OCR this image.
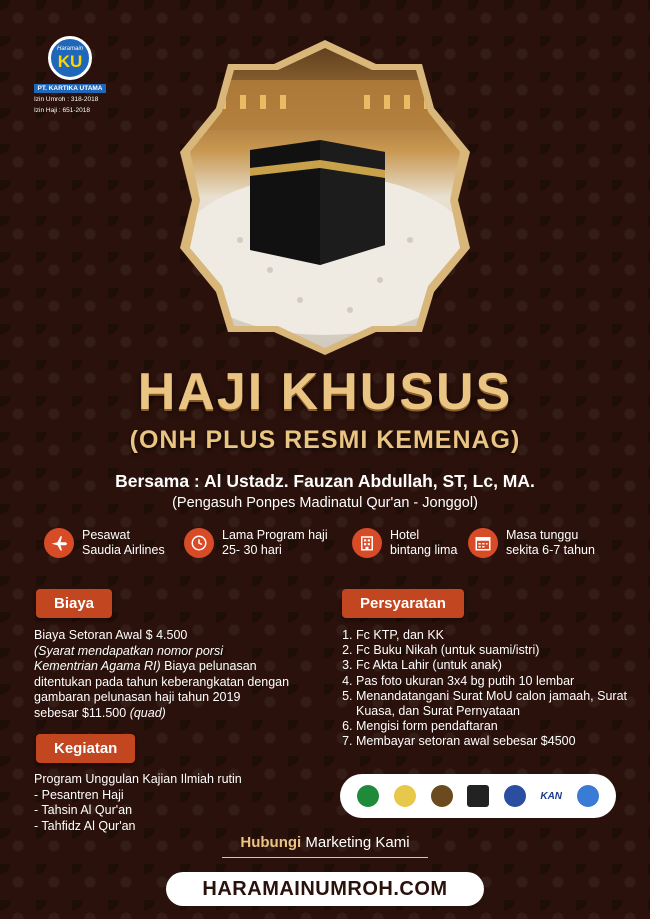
Haramain
KU
PT. KARTIKA UTAMA
Izin Umroh : 318-2018
Izin Haji : 651-2018
HAJI KHUSUS
(ONH PLUS RESMI KEMENAG)
Bersama : Al Ustadz. Fauzan Abdullah, ST, Lc, MA.
(Pengasuh Ponpes Madinatul Qur'an - Jonggol)
Pesawat
Saudia Airlines
Lama Program haji
25- 30 hari
Hotel
bintang lima
Masa tunggu
sekita 6-7 tahun
Biaya
Biaya Setoran Awal $ 4.500
(Syarat mendapatkan nomor porsi
Kementrian Agama RI) Biaya pelunasan
ditentukan pada tahun keberangkatan dengan
gambaran pelunasan haji tahun 2019
sebesar $11.500 (quad)
Persyaratan
1. Fc KTP, dan KK
2. Fc Buku Nikah (untuk suami/istri)
3. Fc Akta Lahir (untuk anak)
4. Pas foto ukuran 3x4 bg putih 10 lembar
5. Menandatangani Surat MoU calon jamaah, Surat Kuasa, dan Surat Pernyataan
6. Mengisi form pendaftaran
7. Membayar setoran awal sebesar $4500
Kegiatan
Program Unggulan Kajian Ilmiah rutin
- Pesantren Haji
- Tahsin Al Qur'an
- Tahfidz Al Qur'an
KAN
Hubungi Marketing Kami
HARAMAINUMROH.COM
